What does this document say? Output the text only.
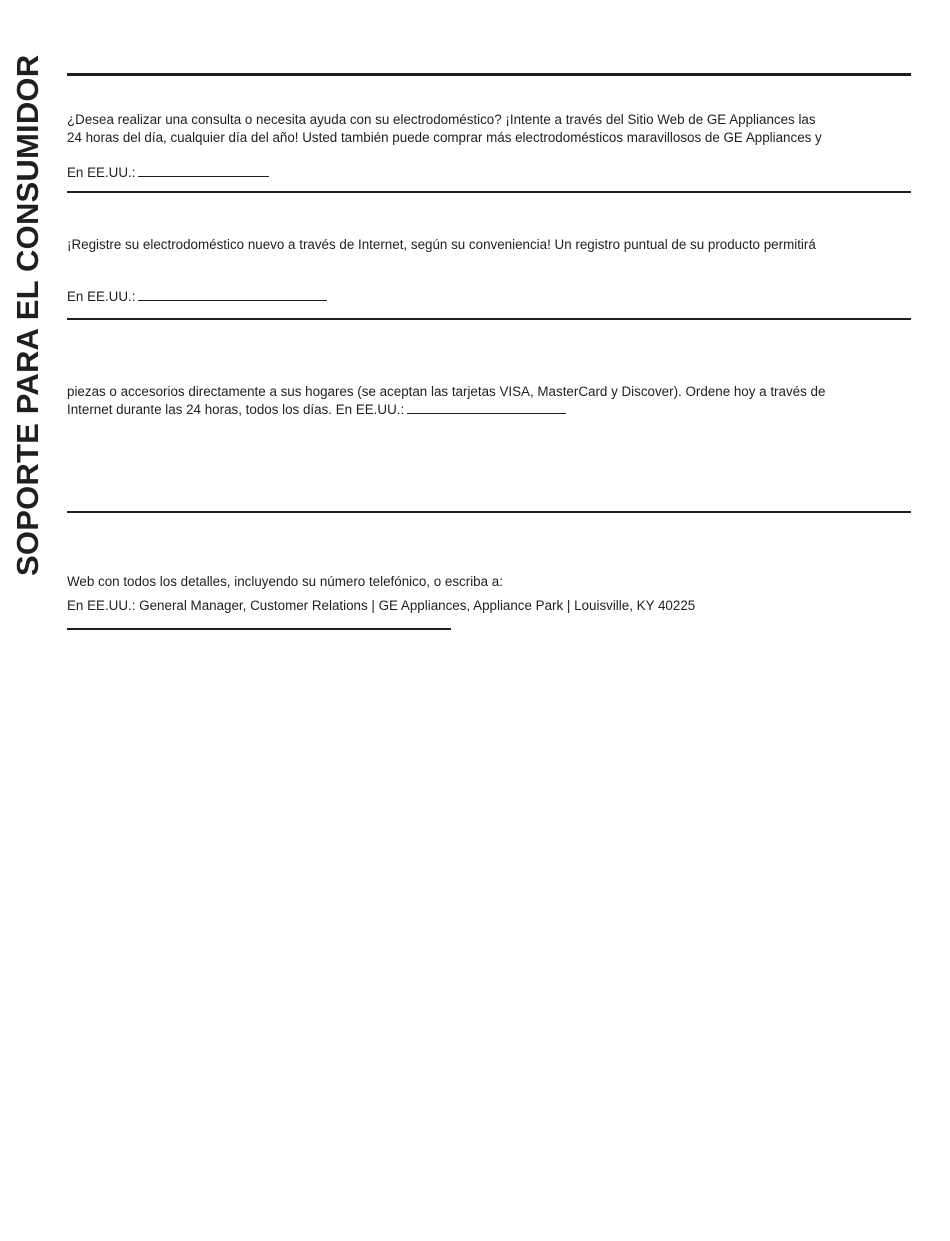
SOPORTE PARA EL CONSUMIDOR ¿Desea realizar una consulta o necesita ayuda con su electrodoméstico? ¡Intente a través del Sitio Web de GE Appliances las
24 horas del día, cualquier día del año! Usted también puede comprar más electrodomésticos maravillosos de GE Appliances y
En EE.UU.:
¡Registre su electrodoméstico nuevo a través de Internet, según su conveniencia! Un registro puntual de su producto permitirá
En EE.UU.:
piezas o accesorios directamente a sus hogares (se aceptan las tarjetas VISA, MasterCard y Discover). Ordene hoy a través de
Internet durante las 24 horas, todos los días. En EE.UU.:
Web con todos los detalles, incluyendo su número telefónico, o escriba a:
En EE.UU.: General Manager, Customer Relations | GE Appliances, Appliance Park | Louisville, KY 40225
